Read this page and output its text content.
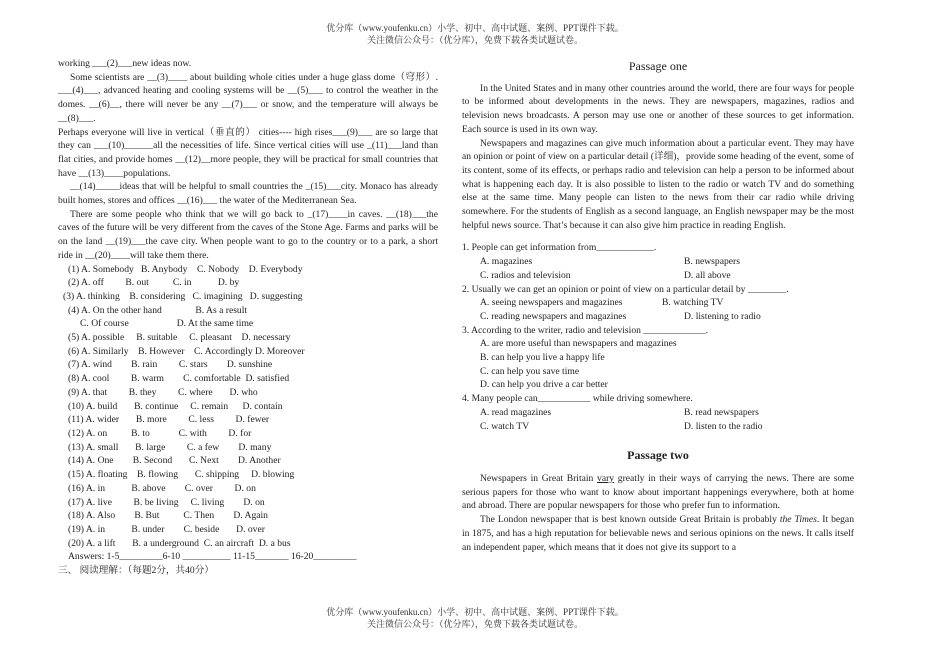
优分库（www.youfenku.cn）小学、初中、高中试题、案例、PPT课件下载。
关注微信公众号：（优分库），免费下载各类试题试卷。

working ___(2)___new ideas now.

Some scientists are __(3)____ about building whole cities under a huge glass dome（穹形）. ___(4)___, advanced heating and cooling systems will be __(5)___ to control the weather in the domes. __(6)__, there will never be any __(7)___ or snow, and the temperature will always be __(8)___.

Perhaps everyone will live in vertical（垂直的） cities---- high rises___(9)___ are so large that they can ___(10)______all the necessities of life. Since vertical cities will use _(11)___land than flat cities, and provide homes __(12)__more people, they will be practical for small countries that have __(13)____populations.

__(14)_____ideas that will be helpful to small countries the _(15)___city. Monaco has already built homes, stores and offices __(16)___ the water of the Mediterranean Sea.

There are some people who think that we will go back to _(17)____in caves. __(18)___the caves of the future will be very different from the caves of the Stone Age. Farms and parks will be on the land __(19)___the cave city. When people want to go to the country or to a park, a short ride in __(20)____will take them there.

(1) A. Somebody   B. Anybody    C. Nobody    D. Everybody

(2) A. off         B. out          C. in           D. by

(3) A. thinking    B. considering   C. imagining   D. suggesting

(4) A. On the other hand              B. As a result

C. Of course                    D. At the same time

(5) A. possible     B. suitable     C. pleasant    D. necessary

(6) A. Similarly    B. However    C. Accordingly D. Moreover

(7) A. wind        B. rain         C. stars        D. sunshine

(8) A. cool         B. warm        C. comfortable  D. satisfied

(9) A. that         B. they         C. where       D. who

(10) A. build       B. continue     C. remain      D. contain

(11) A. wider       B. more         C. less         D. fewer

(12) A. on          B. to            C. with         D. for

(13) A. small       B. large         C. a few        D. many

(14) A. One        B. Second       C. Next        D. Another

(15) A. floating    B. flowing       C. shipping     D. blowing

(16) A. in           B. above        C. over         D. on

(17) A. live         B. be living     C. living        D. on

(18) A. Also        B. But          C. Then        D. Again

(19) A. in           B. under        C. beside       D. over

(20) A. a lift       B. a underground  C. an aircraft  D. a bus

Answers: 1-5_________6-10 __________ 11-15_______ 16-20_________

三、 阅读理解：（每题2分，共40分）

Passage one

In the United States and in many other countries around the world, there are four ways for people to be informed about developments in the news. They are newspapers, magazines, radios and television news broadcasts. A person may use one or another of these sources to get information. Each source is used in its own way.

Newspapers and magazines can give much information about a particular event. They may have an opinion or point of view on a particular detail (详细)，provide some heading of the event, some of its content, some of its effects, or perhaps radio and television can help a person to be informed about what is happening each day. It is also possible to listen to the radio or watch TV and do something else at the same time. Many people can listen to the news from their car radio while driving somewhere. For the students of English as a second language, an English newspaper may be the most helpful news source. That’s because it can also give him practice in reading English.

1. People can get information from____________.

A. magazines	B. newspapers
C. radios and television	D. all above

2. Usually we can get an opinion or point of view on a particular detail by ________.

A. seeing newspapers and magazines	B. watching TV
C. reading newspapers and magazines	D. listening to radio

3. According to the writer, radio and television _____________.

A. are more useful than newspapers and magazines

B. can help you live a happy life

C. can help you save time

D. can help you drive a car better

4. Many people can___________ while driving somewhere.

A. read magazines	B. read newspapers
C. watch TV	D. listen to the radio

Passage two

Newspapers in Great Britain vary greatly in their ways of carrying the news. There are some serious papers for those who want to know about important happenings everywhere, both at home and abroad. There are popular newspapers for those who prefer fun to information.

The London newspaper that is best known outside Great Britain is probably the Times. It began in 1875, and has a high reputation for believable news and serious opinions on the news. It calls itself an independent paper, which means that it does not give its support to a

优分库（www.youfenku.cn）小学、初中、高中试题、案例、PPT课件下载。
关注微信公众号：（优分库），免费下载各类试题试卷。
